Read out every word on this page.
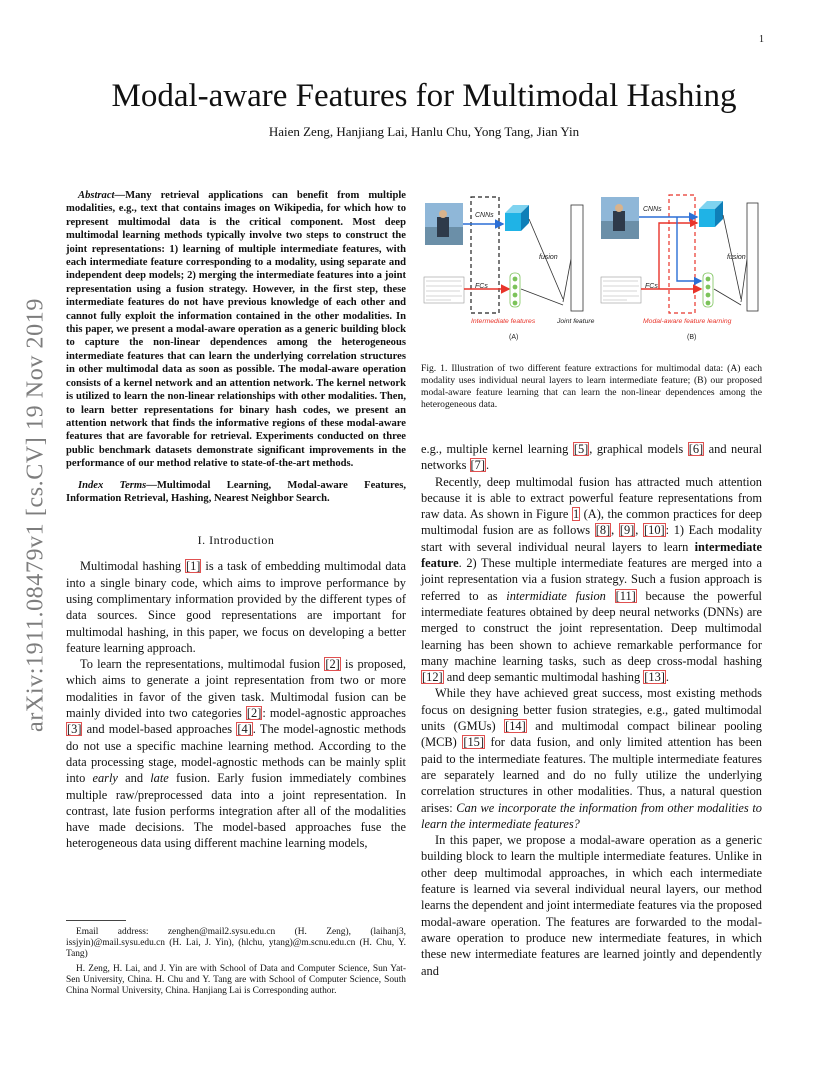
1
arXiv:1911.08479v1 [cs.CV] 19 Nov 2019
Modal-aware Features for Multimodal Hashing
Haien Zeng, Hanjiang Lai, Hanlu Chu, Yong Tang, Jian Yin

Abstract—Many retrieval applications can benefit from multiple modalities, e.g., text that contains images on Wikipedia, for which how to represent multimodal data is the critical component. Most deep multimodal learning methods typically involve two steps to construct the joint representations: 1) learning of multiple intermediate features, with each intermediate feature corresponding to a modality, using separate and independent deep models; 2) merging the intermediate features into a joint representation using a fusion strategy. However, in the first step, these intermediate features do not have previous knowledge of each other and cannot fully exploit the information contained in the other modalities. In this paper, we present a modal-aware operation as a generic building block to capture the non-linear dependences among the heterogeneous intermediate features that can learn the underlying correlation structures in other multimodal data as soon as possible. The modal-aware operation consists of a kernel network and an attention network. The kernel network is utilized to learn the non-linear relationships with other modalities. Then, to learn better representations for binary hash codes, we present an attention network that finds the informative regions of these modal-aware features that are favorable for retrieval. Experiments conducted on three public benchmark datasets demonstrate significant improvements in the performance of our method relative to state-of-the-art methods.

Index Terms—Multimodal Learning, Modal-aware Features, Information Retrieval, Hashing, Nearest Neighbor Search.

I. Introduction

Multimodal hashing [1] is a task of embedding multimodal data into a single binary code, which aims to improve performance by using complimentary information provided by the different types of data sources. Since good representations are important for multimodal hashing, in this paper, we focus on developing a better feature learning approach.

To learn the representations, multimodal fusion [2] is proposed, which aims to generate a joint representation from two or more modalities in favor of the given task. Multimodal fusion can be mainly divided into two categories [2]: model-agnostic approaches [3] and model-based approaches [4]. The model-agnostic methods do not use a specific machine learning method. According to the data processing stage, model-agnostic methods can be mainly split into early and late fusion. Early fusion immediately combines multiple raw/preprocessed data into a joint representation. In contrast, late fusion performs integration after all of the modalities have made decisions. The model-based approaches fuse the heterogeneous data using different machine learning models,

Email address: zenghen@mail2.sysu.edu.cn (H. Zeng), (laihanj3, issjyin)@mail.sysu.edu.cn (H. Lai, J. Yin), (hlchu, ytang)@m.scnu.edu.cn (H. Chu, Y. Tang)

H. Zeng, H. Lai, and J. Yin are with School of Data and Computer Science, Sun Yat-Sen University, China. H. Chu and Y. Tang are with School of Computer Science, South China Normal University, China. Hanjiang Lai is Corresponding author.

CNNs
FCs
fusion
Intermediate features	Joint feature
(A)
CNNs
FCs
fusion
Modal-aware feature learning
(B)

Fig. 1. Illustration of two different feature extractions for multimodal data: (A) each modality uses individual neural layers to learn intermediate feature; (B) our proposed modal-aware feature learning that can learn the non-linear dependences among the heterogeneous data.

e.g., multiple kernel learning [5], graphical models [6] and neural networks [7].

Recently, deep multimodal fusion has attracted much attention because it is able to extract powerful feature representations from raw data. As shown in Figure 1 (A), the common practices for deep multimodal fusion are as follows [8], [9], [10]: 1) Each modality start with several individual neural layers to learn intermediate feature. 2) These multiple intermediate features are merged into a joint representation via a fusion strategy. Such a fusion approach is referred to as intermidiate fusion [11] because the powerful intermediate features obtained by deep neural networks (DNNs) are merged to construct the joint representation. Deep multimodal learning has been shown to achieve remarkable performance for many machine learning tasks, such as deep cross-modal hashing [12] and deep semantic multimodal hashing [13].

While they have achieved great success, most existing methods focus on designing better fusion strategies, e.g., gated multimodal units (GMUs) [14] and multimodal compact bilinear pooling (MCB) [15] for data fusion, and only limited attention has been paid to the intermediate features. The multiple intermediate features are separately learned and do no fully utilize the underlying correlation structures in other modalities. Thus, a natural question arises: Can we incorporate the information from other modalities to learn the intermediate features?

In this paper, we propose a modal-aware operation as a generic building block to learn the multiple intermediate features. Unlike in other deep multimodal approaches, in which each intermediate feature is learned via several individual neural layers, our method learns the dependent and joint intermediate features via the proposed modal-aware operation. The features are forwarded to the modal-aware operation to produce new intermediate features, in which these new intermediate features are learned jointly and dependently and
